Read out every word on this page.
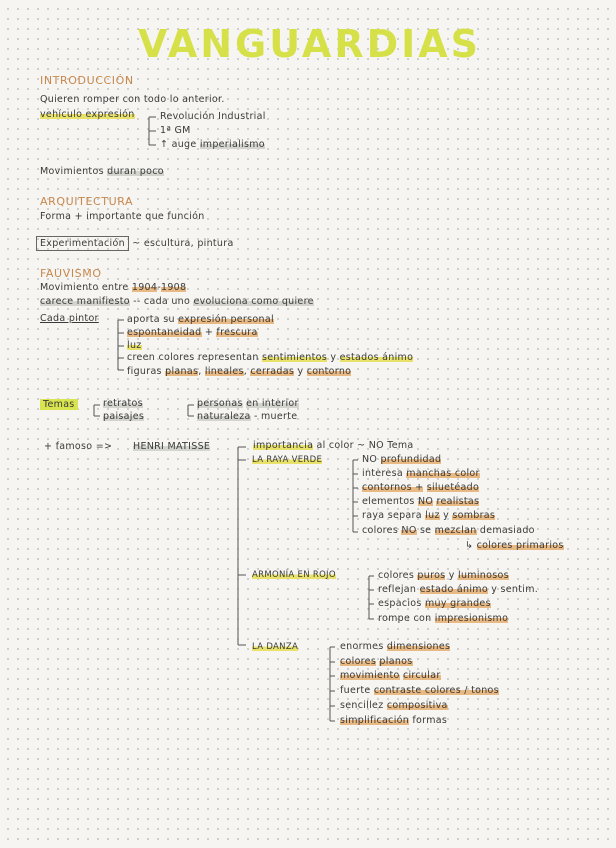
VANGUARDIAS
INTRODUCCIÓN
Quieren romper con todo lo anterior.
vehículo expresión	Revolución Industrial
1ª GM
↑ auge imperialismo
Movimientos duran poco
ARQUITECTURA
Forma + importante que función
Experimentación ~ escultura, pintura
FAUVISMO
Movimiento entre 1904-1908
carece manifiesto -- cada uno evoluciona como quiere
Cada pintor	aporta su expresión personal
espontaneidad + frescura
luz
creen colores representan sentimientos y estados ánimo
figuras planas, lineales, cerradas y contorno
Temas	retratos
paisajes
personas en interior
naturaleza - muerte
+ famoso => HENRI MATISSE	importancia al color ~ NO Tema
LA RAYA VERDE	NO profundidad
interesa manchas color
contornos + siluetéado
elementos NO realistas
raya separa luz y sombras
colores NO se mezclan demasiado
↳ colores primarios
ARMONÍA EN ROJO	colores puros y luminosos
reflejan estado ánimo y sentim.
espacios muy grandes
rompe con impresionismo
LA DANZA	enormes dimensiones
colores planos
movimiento circular
fuerte contraste colores / tonos
sencillez compositiva
simplificación formas
